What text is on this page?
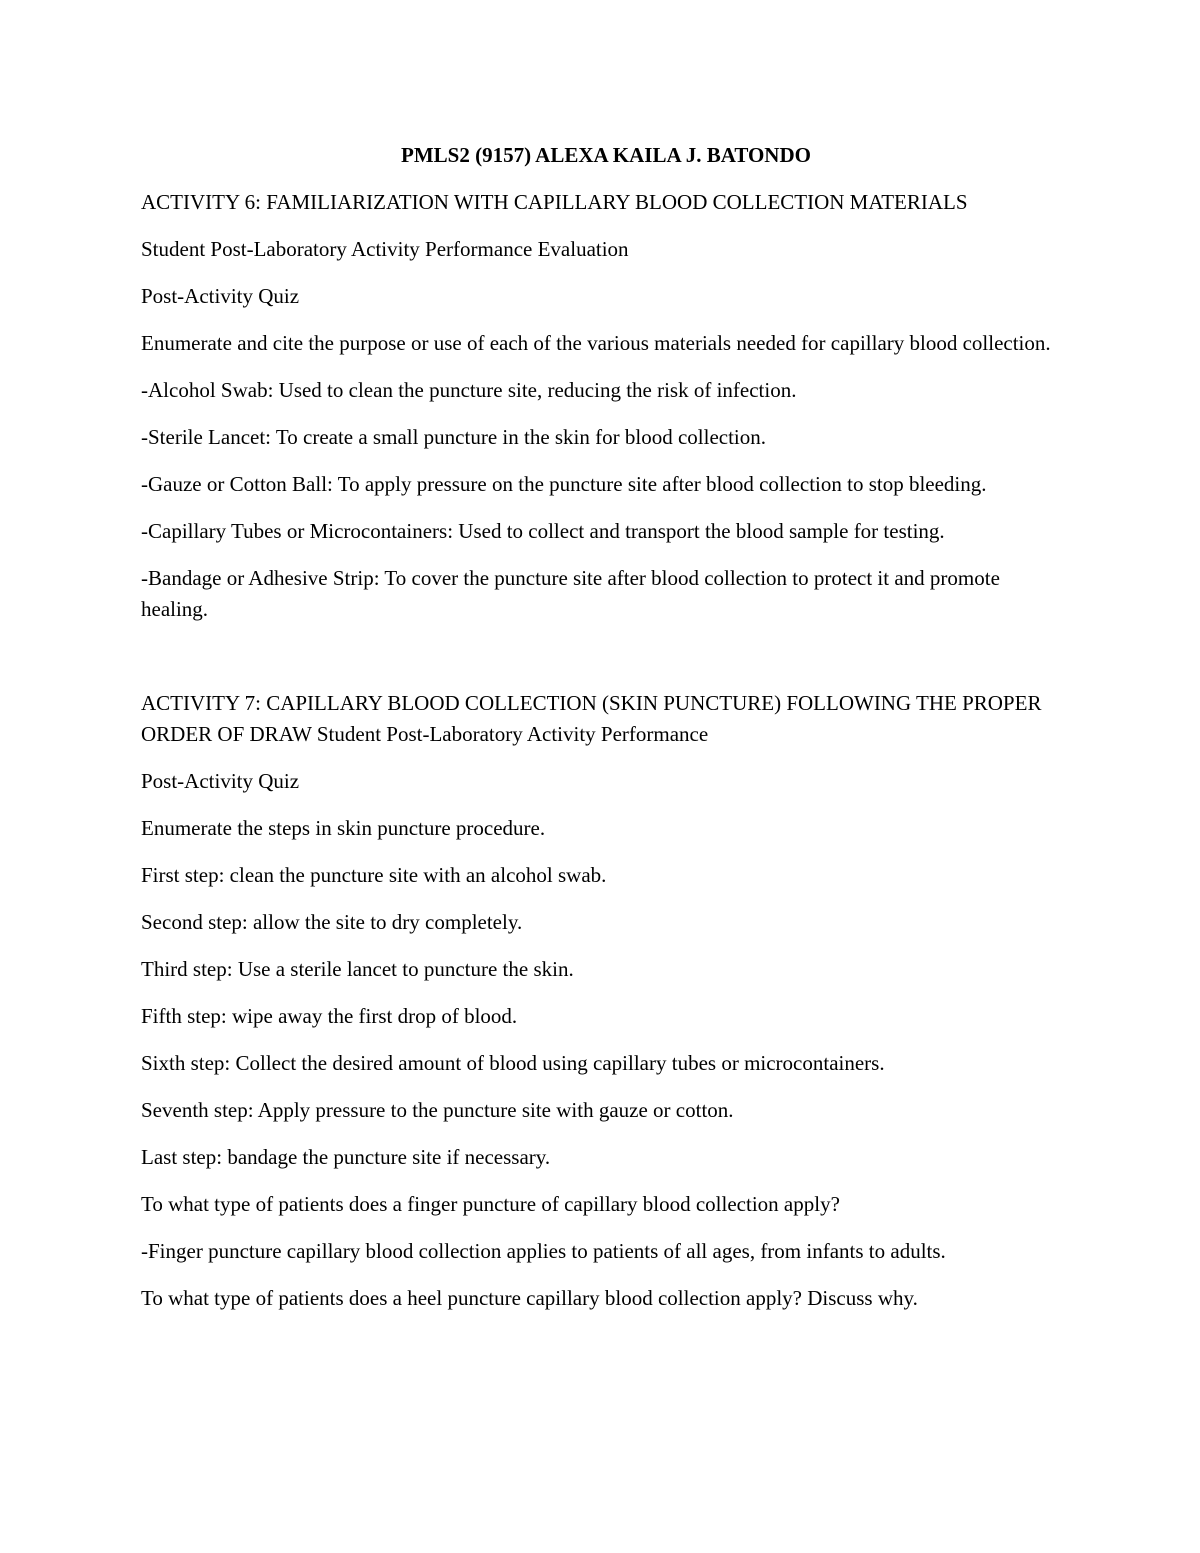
PMLS2 (9157) ALEXA KAILA J. BATONDO

ACTIVITY 6: FAMILIARIZATION WITH CAPILLARY BLOOD COLLECTION MATERIALS

Student Post-Laboratory Activity Performance Evaluation

Post-Activity Quiz

Enumerate and cite the purpose or use of each of the various materials needed for capillary blood collection.

-Alcohol Swab: Used to clean the puncture site, reducing the risk of infection.

-Sterile Lancet: To create a small puncture in the skin for blood collection.

-Gauze or Cotton Ball: To apply pressure on the puncture site after blood collection to stop bleeding.

-Capillary Tubes or Microcontainers: Used to collect and transport the blood sample for testing.

-Bandage or Adhesive Strip: To cover the puncture site after blood collection to protect it and promote healing.

ACTIVITY 7: CAPILLARY BLOOD COLLECTION (SKIN PUNCTURE) FOLLOWING THE PROPER ORDER OF DRAW Student Post-Laboratory Activity Performance

Post-Activity Quiz

Enumerate the steps in skin puncture procedure.

First step: clean the puncture site with an alcohol swab.

Second step: allow the site to dry completely.

Third step: Use a sterile lancet to puncture the skin.

Fifth step: wipe away the first drop of blood.

Sixth step: Collect the desired amount of blood using capillary tubes or microcontainers.

Seventh step: Apply pressure to the puncture site with gauze or cotton.

Last step: bandage the puncture site if necessary.

To what type of patients does a finger puncture of capillary blood collection apply?

-Finger puncture capillary blood collection applies to patients of all ages, from infants to adults.

To what type of patients does a heel puncture capillary blood collection apply? Discuss why.
